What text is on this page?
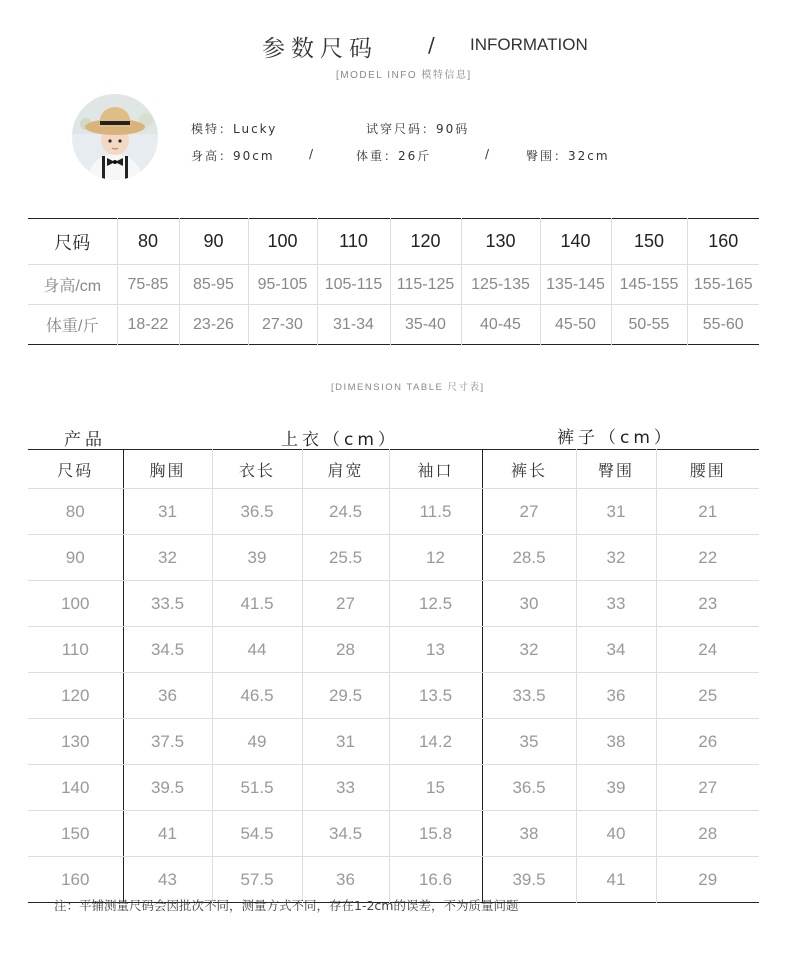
参数尺码	/ INFORMATION
[MODEL INFO 模特信息]
模特：Lucky	试穿尺码：90码
身高：90cm	/	体重：26斤	/	臀围：32cm
尺码	80	90	100	110	120	130	140	150	160
身高/cm	75-85	85-95	95-105	105-115	115-125	125-135	135-145	145-155	155-165
体重/斤	18-22	23-26	27-30	31-34	35-40	40-45	45-50	50-55	55-60
[DIMENSION TABLE 尺寸表]
产品	上衣（cm）	裤子（cm）
尺码	胸围	衣长	肩宽	袖口	裤长	臀围	腰围
80	31	36.5	24.5	11.5	27	31	21
90	32	39	25.5	12	28.5	32	22
100	33.5	41.5	27	12.5	30	33	23
110	34.5	44	28	13	32	34	24
120	36	46.5	29.5	13.5	33.5	36	25
130	37.5	49	31	14.2	35	38	26
140	39.5	51.5	33	15	36.5	39	27
150	41	54.5	34.5	15.8	38	40	28
160	43	57.5	36	16.6	39.5	41	29
注：平铺测量尺码会因批次不同，测量方式不同，存在1-2cm的误差，不为质量问题
